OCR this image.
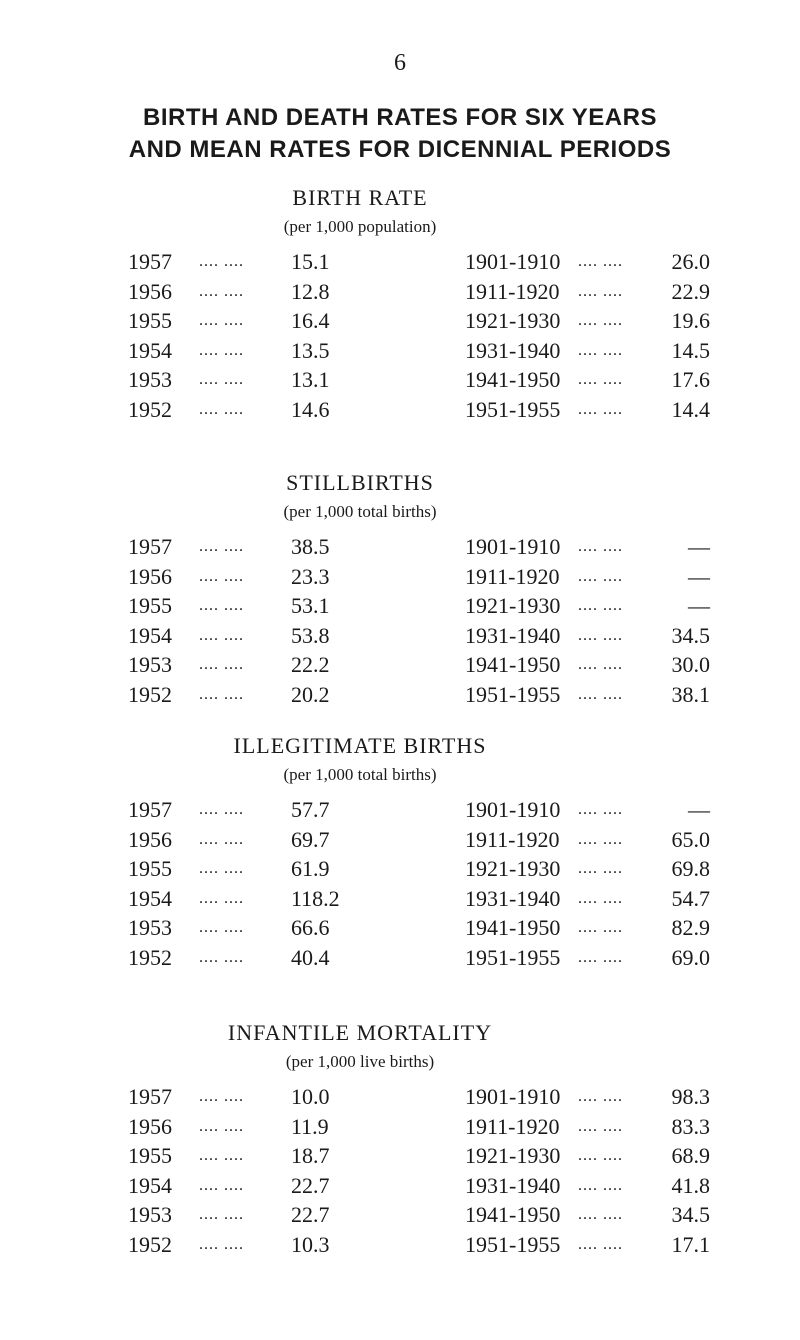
6
BIRTH AND DEATH RATES FOR SIX YEARS
AND MEAN RATES FOR DICENNIAL PERIODS
BIRTH RATE
(per 1,000 population)
1957 .... .... 15.1	1901-1910 .... .... 26.0
1956 .... .... 12.8	1911-1920 .... .... 22.9
1955 .... .... 16.4	1921-1930 .... .... 19.6
1954 .... .... 13.5	1931-1940 .... .... 14.5
1953 .... .... 13.1	1941-1950 .... .... 17.6
1952 .... .... 14.6	1951-1955 .... .... 14.4
STILLBIRTHS
(per 1,000 total births)
1957 .... .... 38.5	1901-1910 .... ....	—
1956 .... .... 23.3	1911-1920 .... ....	—
1955 .... .... 53.1	1921-1930 .... ....	—
1954 .... .... 53.8	1931-1940 .... .... 34.5
1953 .... .... 22.2	1941-1950 .... .... 30.0
1952 .... .... 20.2	1951-1955 .... .... 38.1
ILLEGITIMATE BIRTHS
(per 1,000 total births)
1957 .... .... 57.7	1901-1910 .... ....	—
1956 .... .... 69.7	1911-1920 .... .... 65.0
1955 .... .... 61.9	1921-1930 .... .... 69.8
1954 .... .... 118.2	1931-1940 .... .... 54.7
1953 .... .... 66.6	1941-1950 .... .... 82.9
1952 .... .... 40.4	1951-1955 .... .... 69.0
INFANTILE MORTALITY
(per 1,000 live births)
1957 .... .... 10.0	1901-1910 .... .... 98.3
1956 .... .... 11.9	1911-1920 .... .... 83.3
1955 .... .... 18.7	1921-1930 .... .... 68.9
1954 .... .... 22.7	1931-1940 .... .... 41.8
1953 .... .... 22.7	1941-1950 .... .... 34.5
1952 .... .... 10.3	1951-1955 .... .... 17.1
